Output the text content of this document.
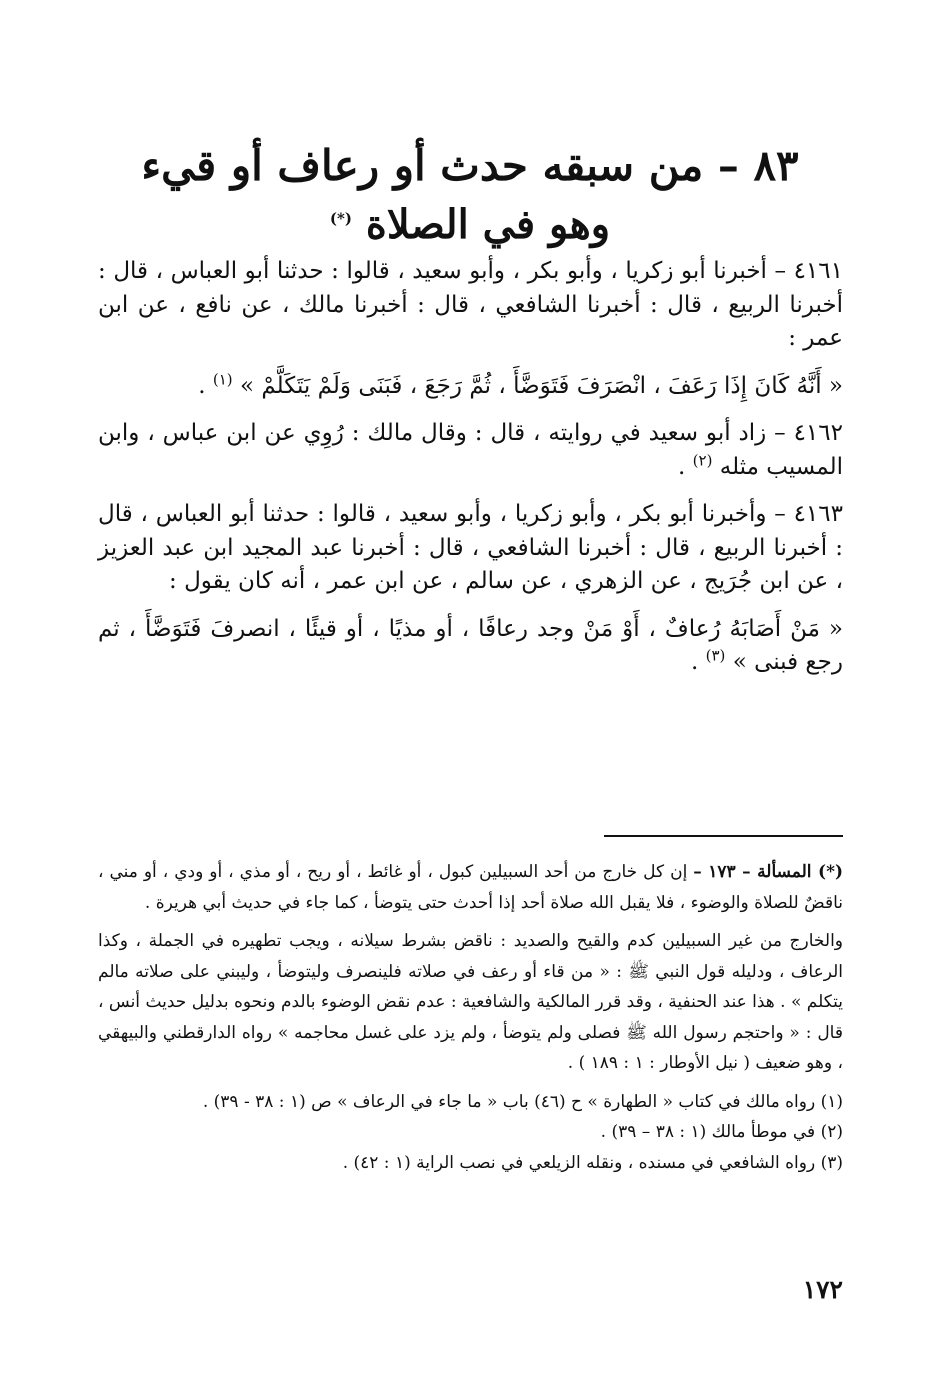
٨٣ – من سبقه حدث أو رعاف أو قيء
وهو في الصلاة (*)

٤١٦١ – أخبرنا أبو زكريا ، وأبو بكر ، وأبو سعيد ، قالوا : حدثنا أبو العباس ، قال : أخبرنا الربيع ، قال : أخبرنا الشافعي ، قال : أخبرنا مالك ، عن نافع ، عن ابن عمر :

« أَنَّهُ كَانَ إِذَا رَعَفَ ، انْصَرَفَ فَتَوَضَّأَ ، ثُمَّ رَجَعَ ، فَبَنَى وَلَمْ يَتَكَلَّمْ » $^{(١)}$ .

٤١٦٢ – زاد أبو سعيد في روايته ، قال : وقال مالك : رُوِي عن ابن عباس ، وابن المسيب مثله $^{(٢)}$ .

٤١٦٣ – وأخبرنا أبو بكر ، وأبو زكريا ، وأبو سعيد ، قالوا : حدثنا أبو العباس ، قال : أخبرنا الربيع ، قال : أخبرنا الشافعي ، قال : أخبرنا عبد المجيد ابن عبد العزيز ، عن ابن جُرَيج ، عن الزهري ، عن سالم ، عن ابن عمر ، أنه كان يقول :

« مَنْ أَصَابَهُ رُعافٌ ، أَوْ مَنْ وجد رعافًا ، أو مذيًا ، أو قيئًا ، انصرفَ فَتَوَضَّأَ ، ثم رجع فبنى » $^{(٣)}$ .

(*) المسألة – ١٧٣ – إن كل خارج من أحد السبيلين كبول ، أو غائط ، أو ريح ، أو مذي ، أو ودي ، أو مني ، ناقضٌ للصلاة والوضوء ، فلا يقبل الله صلاة أحد إذا أحدث حتى يتوضأ ، كما جاء في حديث أبي هريرة .

والخارج من غير السبيلين كدم والقيح والصديد : ناقض بشرط سيلانه ، ويجب تطهيره في الجملة ، وكذا الرعاف ، ودليله قول النبي ﷺ : « من قاء أو رعف في صلاته فلينصرف وليتوضأ ، وليبني على صلاته مالم يتكلم » . هذا عند الحنفية ، وقد قرر المالكية والشافعية : عدم نقض الوضوء بالدم ونحوه بدليل حديث أنس ، قال : « واحتجم رسول الله ﷺ فصلى ولم يتوضأ ، ولم يزد على غسل محاجمه » رواه الدارقطني والبيهقي ، وهو ضعيف ( نيل الأوطار : ١ : ١٨٩ ) .

(١) رواه مالك في كتاب « الطهارة » ح (٤٦) باب « ما جاء في الرعاف » ص (١ : ٣٨ - ٣٩) .

(٢) في موطأ مالك (١ : ٣٨ – ٣٩) .

(٣) رواه الشافعي في مسنده ، ونقله الزيلعي في نصب الراية (١ : ٤٢) .

١٧٢
